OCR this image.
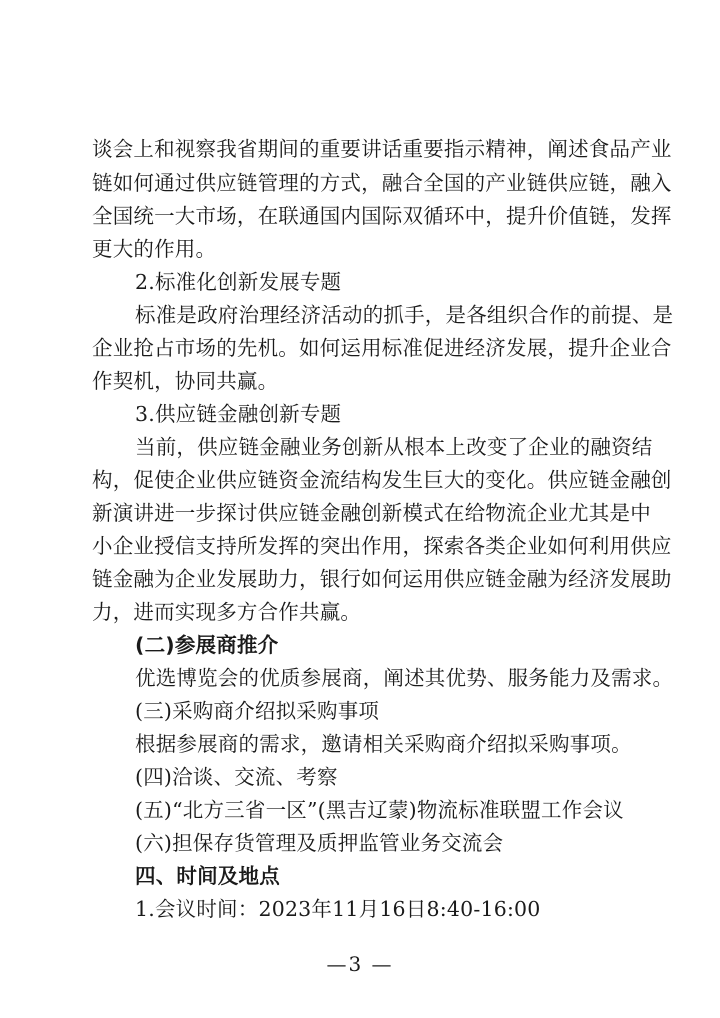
谈会上和视察我省期间的重要讲话重要指示精神，阐述食品产业
链如何通过供应链管理的方式，融合全国的产业链供应链，融入
全国统一大市场，在联通国内国际双循环中，提升价值链，发挥
更大的作用。
2.标准化创新发展专题
标准是政府治理经济活动的抓手，是各组织合作的前提、是
企业抢占市场的先机。如何运用标准促进经济发展，提升企业合
作契机，协同共赢。
3.供应链金融创新专题
当前，供应链金融业务创新从根本上改变了企业的融资结
构，促使企业供应链资金流结构发生巨大的变化。供应链金融创
新演讲进一步探讨供应链金融创新模式在给物流企业尤其是中
小企业授信支持所发挥的突出作用，探索各类企业如何利用供应
链金融为企业发展助力，银行如何运用供应链金融为经济发展助
力，进而实现多方合作共赢。
(二)参展商推介
优选博览会的优质参展商，阐述其优势、服务能力及需求。
(三)采购商介绍拟采购事项
根据参展商的需求，邀请相关采购商介绍拟采购事项。
(四)洽谈、交流、考察
(五)“北方三省一区”(黑吉辽蒙)物流标准联盟工作会议
(六)担保存货管理及质押监管业务交流会
四、时间及地点
1.会议时间：2023年11月16日8:40-16:00
—3 —
